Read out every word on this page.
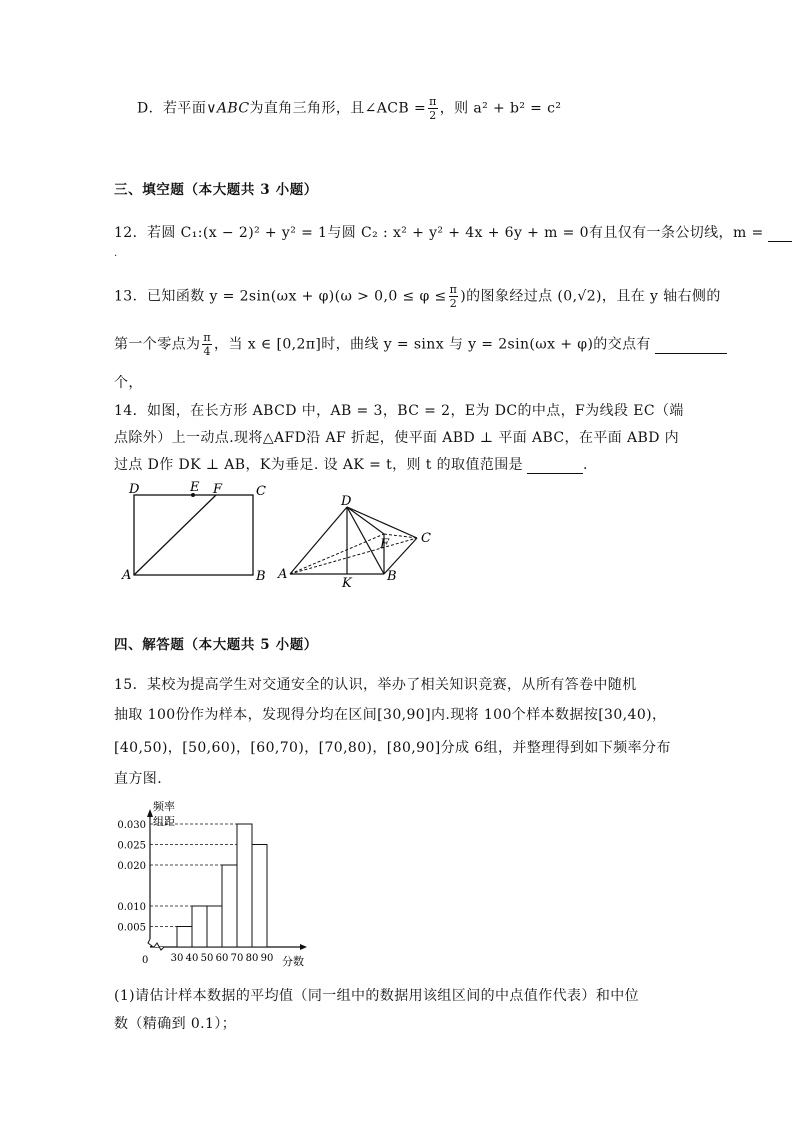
D．若平面∨ABC为直角三角形，且∠ACB = $\frac{\pi}{2}$ ，则 a² + b² = c²
三、填空题（本大题共 3 小题）
12．若圆 C₁:(x − 2)² + y² = 1与圆 C₂ : x² + y² + 4x + 6y + m = 0有且仅有一条公切线，m =
.
13．已知函数 $y = 2\sin(\omega x + \varphi)(\omega > 0,0 \le \varphi \le \frac{\pi}{2}$ )的图象经过点 (0,√2)，且在 y 轴右侧的
第一个零点为 $\frac{\pi}{4}$ ，当 x ∈ [0,2π]时，曲线 y = sinx 与 y = 2sin(ωx + φ)的交点有
个，
14．如图，在长方形 ABCD 中，AB = 3，BC = 2，E为 DC的中点，F为线段 EC（端
点除外）上一动点.现将△AFD沿 AF 折起，使平面 ABD ⊥ 平面 ABC，在平面 ABD 内
过点 D作 DK ⊥ AB，K为垂足. 设 AK = t，则 t 的取值范围是	.
D	E F	C
A	B
D
C
F
A
K	B
四、解答题（本大题共 5 小题）
15．某校为提高学生对交通安全的认识，举办了相关知识竞赛，从所有答卷中随机
抽取 100份作为样本，发现得分均在区间[30,90]内.现将 100个样本数据按[30,40)，
[40,50)，[50,60)，[60,70)，[70,80)，[80,90]分成 6组，并整理得到如下频率分布
直方图.
频率
组距
分数
0
0.030
0.025
0.020
0.010
0.005
30 40 50 60 70 80 90
(1)请估计样本数据的平均值（同一组中的数据用该组区间的中点值作代表）和中位
数（精确到 0.1）；
